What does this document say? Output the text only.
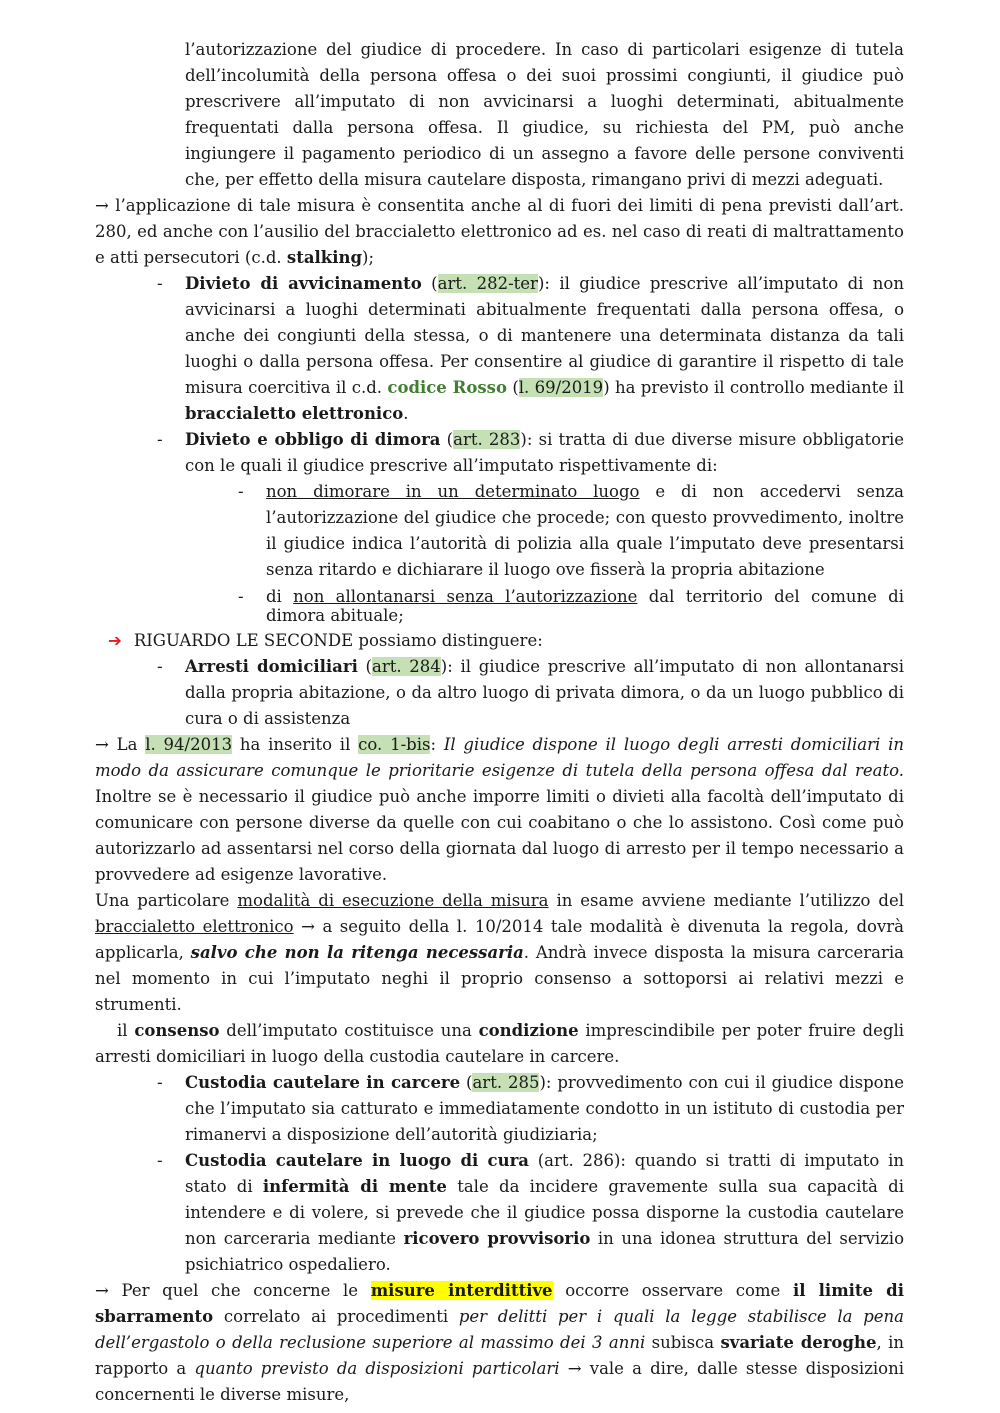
l’autorizzazione del giudice di procedere. In caso di particolari esigenze di tutela dell’incolumità della persona offesa o dei suoi prossimi congiunti, il giudice può prescrivere all’imputato di non avvicinarsi a luoghi determinati, abitualmente frequentati dalla persona offesa. Il giudice, su richiesta del PM, può anche ingiungere il pagamento periodico di un assegno a favore delle persone conviventi che, per effetto della misura cautelare disposta, rimangano privi di mezzi adeguati.

→ l’applicazione di tale misura è consentita anche al di fuori dei limiti di pena previsti dall’art. 280, ed anche con l’ausilio del braccialetto elettronico ad es. nel caso di reati di maltrattamento e atti persecutori (c.d. stalking);

- Divieto di avvicinamento (art. 282-ter): il giudice prescrive all’imputato di non avvicinarsi a luoghi determinati abitualmente frequentati dalla persona offesa, o anche dei congiunti della stessa, o di mantenere una determinata distanza da tali luoghi o dalla persona offesa. Per consentire al giudice di garantire il rispetto di tale misura coercitiva il c.d. codice Rosso (l. 69/2019) ha previsto il controllo mediante il braccialetto elettronico.

- Divieto e obbligo di dimora (art. 283): si tratta di due diverse misure obbligatorie con le quali il giudice prescrive all’imputato rispettivamente di:

- non dimorare in un determinato luogo e di non accedervi senza l’autorizzazione del giudice che procede; con questo provvedimento, inoltre il giudice indica l’autorità di polizia alla quale l’imputato deve presentarsi senza ritardo e dichiarare il luogo ove fisserà la propria abitazione

- di non allontanarsi senza l’autorizzazione dal territorio del comune di dimora abituale;

➔ RIGUARDO LE SECONDE possiamo distinguere:

- Arresti domiciliari (art. 284): il giudice prescrive all’imputato di non allontanarsi dalla propria abitazione, o da altro luogo di privata dimora, o da un luogo pubblico di cura o di assistenza

→ La l. 94/2013 ha inserito il co. 1-bis: Il giudice dispone il luogo degli arresti domiciliari in modo da assicurare comunque le prioritarie esigenze di tutela della persona offesa dal reato. Inoltre se è necessario il giudice può anche imporre limiti o divieti alla facoltà dell’imputato di comunicare con persone diverse da quelle con cui coabitano o che lo assistono. Così come può autorizzarlo ad assentarsi nel corso della giornata dal luogo di arresto per il tempo necessario a provvedere ad esigenze lavorative.

Una particolare modalità di esecuzione della misura in esame avviene mediante l’utilizzo del braccialetto elettronico → a seguito della l. 10/2014 tale modalità è divenuta la regola, dovrà applicarla, salvo che non la ritenga necessaria. Andrà invece disposta la misura carceraria nel momento in cui l’imputato neghi il proprio consenso a sottoporsi ai relativi mezzi e strumenti.

il consenso dell’imputato costituisce una condizione imprescindibile per poter fruire degli arresti domiciliari in luogo della custodia cautelare in carcere.

- Custodia cautelare in carcere (art. 285): provvedimento con cui il giudice dispone che l’imputato sia catturato e immediatamente condotto in un istituto di custodia per rimanervi a disposizione dell’autorità giudiziaria;

- Custodia cautelare in luogo di cura (art. 286): quando si tratti di imputato in stato di infermità di mente tale da incidere gravemente sulla sua capacità di intendere e di volere, si prevede che il giudice possa disporne la custodia cautelare non carceraria mediante ricovero provvisorio in una idonea struttura del servizio psichiatrico ospedaliero.

→ Per quel che concerne le misure interdittive occorre osservare come il limite di sbarramento correlato ai procedimenti per delitti per i quali la legge stabilisce la pena dell’ergastolo o della reclusione superiore al massimo dei 3 anni subisca svariate deroghe, in rapporto a quanto previsto da disposizioni particolari → vale a dire, dalle stesse disposizioni concernenti le diverse misure,
